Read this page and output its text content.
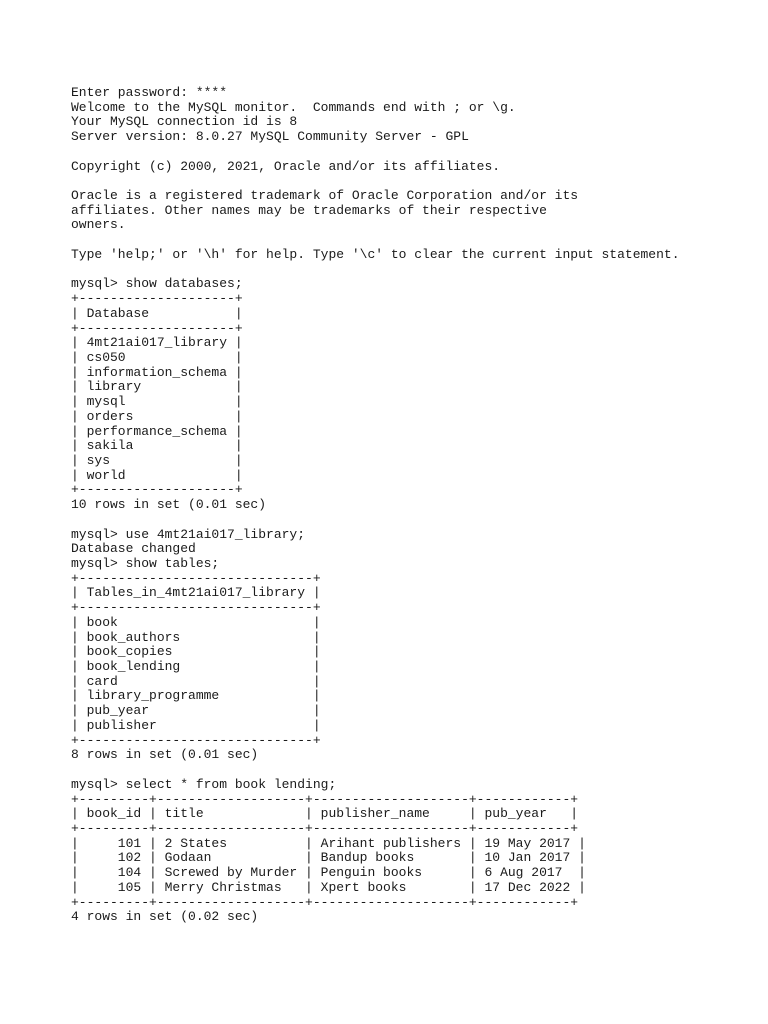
Enter password: ****
Welcome to the MySQL monitor.  Commands end with ; or \g.
Your MySQL connection id is 8
Server version: 8.0.27 MySQL Community Server - GPL
Copyright (c) 2000, 2021, Oracle and/or its affiliates.
Oracle is a registered trademark of Oracle Corporation and/or its
affiliates. Other names may be trademarks of their respective
owners.
Type 'help;' or '\h' for help. Type '\c' to clear the current input statement.
mysql> show databases;
+--------------------+
| Database           |
+--------------------+
| 4mt21ai017_library |
| cs050              |
| information_schema |
| library            |
| mysql              |
| orders             |
| performance_schema |
| sakila             |
| sys                |
| world              |
+--------------------+
10 rows in set (0.01 sec)
mysql> use 4mt21ai017_library;
Database changed
mysql> show tables;
+------------------------------+
| Tables_in_4mt21ai017_library |
+------------------------------+
| book                         |
| book_authors                 |
| book_copies                  |
| book_lending                 |
| card                         |
| library_programme            |
| pub_year                     |
| publisher                    |
+------------------------------+
8 rows in set (0.01 sec)
mysql> select * from book lending;
+---------+-------------------+--------------------+------------+
| book_id | title             | publisher_name     | pub_year   |
+---------+-------------------+--------------------+------------+
|     101 | 2 States          | Arihant publishers | 19 May 2017 |
|     102 | Godaan            | Bandup books       | 10 Jan 2017 |
|     104 | Screwed by Murder | Penguin books      | 6 Aug 2017  |
|     105 | Merry Christmas   | Xpert books        | 17 Dec 2022 |
+---------+-------------------+--------------------+------------+
4 rows in set (0.02 sec)
